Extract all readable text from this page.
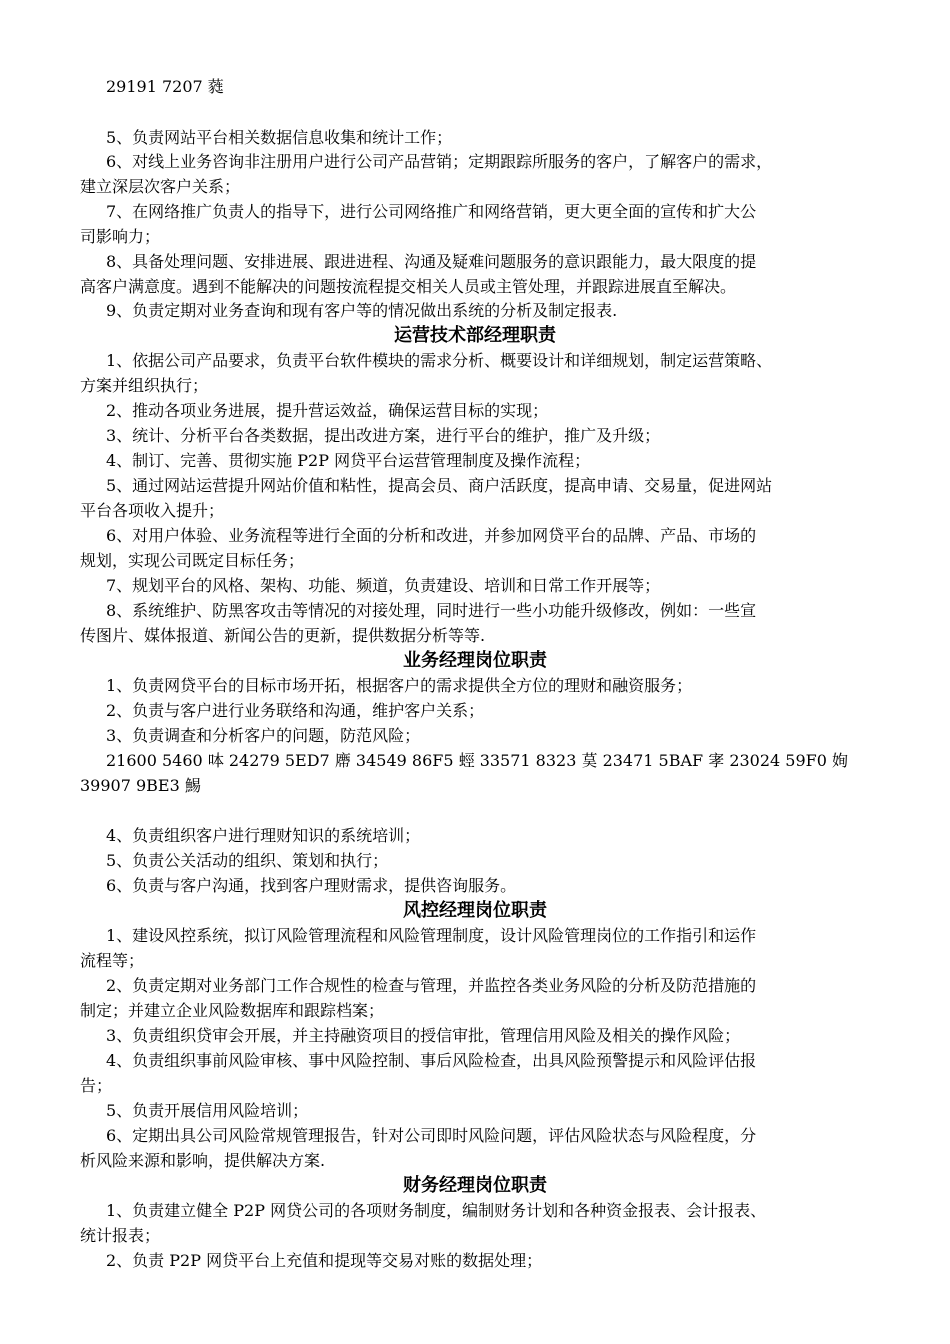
29191 7207 蕤
5、负责网站平台相关数据信息收集和统计工作；
6、对线上业务咨询非注册用户进行公司产品营销；定期跟踪所服务的客户，了解客户的需求，
建立深层次客户关系；
7、在网络推广负责人的指导下，进行公司网络推广和网络营销，更大更全面的宣传和扩大公
司影响力；
8、具备处理问题、安排进展、跟进进程、沟通及疑难问题服务的意识跟能力，最大限度的提
高客户满意度。遇到不能解决的问题按流程提交相关人员或主管处理，并跟踪进展直至解决。
9、负责定期对业务查询和现有客户等的情况做出系统的分析及制定报表.
运营技术部经理职责
1、依据公司产品要求，负责平台软件模块的需求分析、概要设计和详细规划，制定运营策略、
方案并组织执行；
2、推动各项业务进展，提升营运效益，确保运营目标的实现；
3、统计、分析平台各类数据，提出改进方案，进行平台的维护，推广及升级；
4、制订、完善、贯彻实施 P2P 网贷平台运营管理制度及操作流程；
5、通过网站运营提升网站价值和粘性，提高会员、商户活跃度，提高申请、交易量，促进网站
平台各项收入提升；
6、对用户体验、业务流程等进行全面的分析和改进，并参加网贷平台的品牌、产品、市场的
规划，实现公司既定目标任务；
7、规划平台的风格、架构、功能、频道，负责建设、培训和日常工作开展等；
8、系统维护、防黑客攻击等情况的对接处理，同时进行一些小功能升级修改，例如：一些宣
传图片、媒体报道、新闻公告的更新，提供数据分析等等.
业务经理岗位职责
1、负责网贷平台的目标市场开拓，根据客户的需求提供全方位的理财和融资服务；
2、负责与客户进行业务联络和沟通，维护客户关系；
3、负责调查和分析客户的问题，防范风险；
21600 5460 呠 24279 5ED7 廗 34549 86F5 蛵 33571 8323 茣 23471 5BAF 宯 23024 59F0 姰
39907 9BE3 鯣
4、负责组织客户进行理财知识的系统培训；
5、负责公关活动的组织、策划和执行；
6、负责与客户沟通，找到客户理财需求，提供咨询服务。
风控经理岗位职责
1、建设风控系统，拟订风险管理流程和风险管理制度，设计风险管理岗位的工作指引和运作
流程等；
2、负责定期对业务部门工作合规性的检查与管理，并监控各类业务风险的分析及防范措施的
制定；并建立企业风险数据库和跟踪档案；
3、负责组织贷审会开展，并主持融资项目的授信审批，管理信用风险及相关的操作风险；
4、负责组织事前风险审核、事中风险控制、事后风险检查，出具风险预警提示和风险评估报
告；
5、负责开展信用风险培训；
6、定期出具公司风险常规管理报告，针对公司即时风险问题，评估风险状态与风险程度，分
析风险来源和影响，提供解决方案.
财务经理岗位职责
1、负责建立健全 P2P 网贷公司的各项财务制度，编制财务计划和各种资金报表、会计报表、
统计报表；
2、负责 P2P 网贷平台上充值和提现等交易对账的数据处理；
